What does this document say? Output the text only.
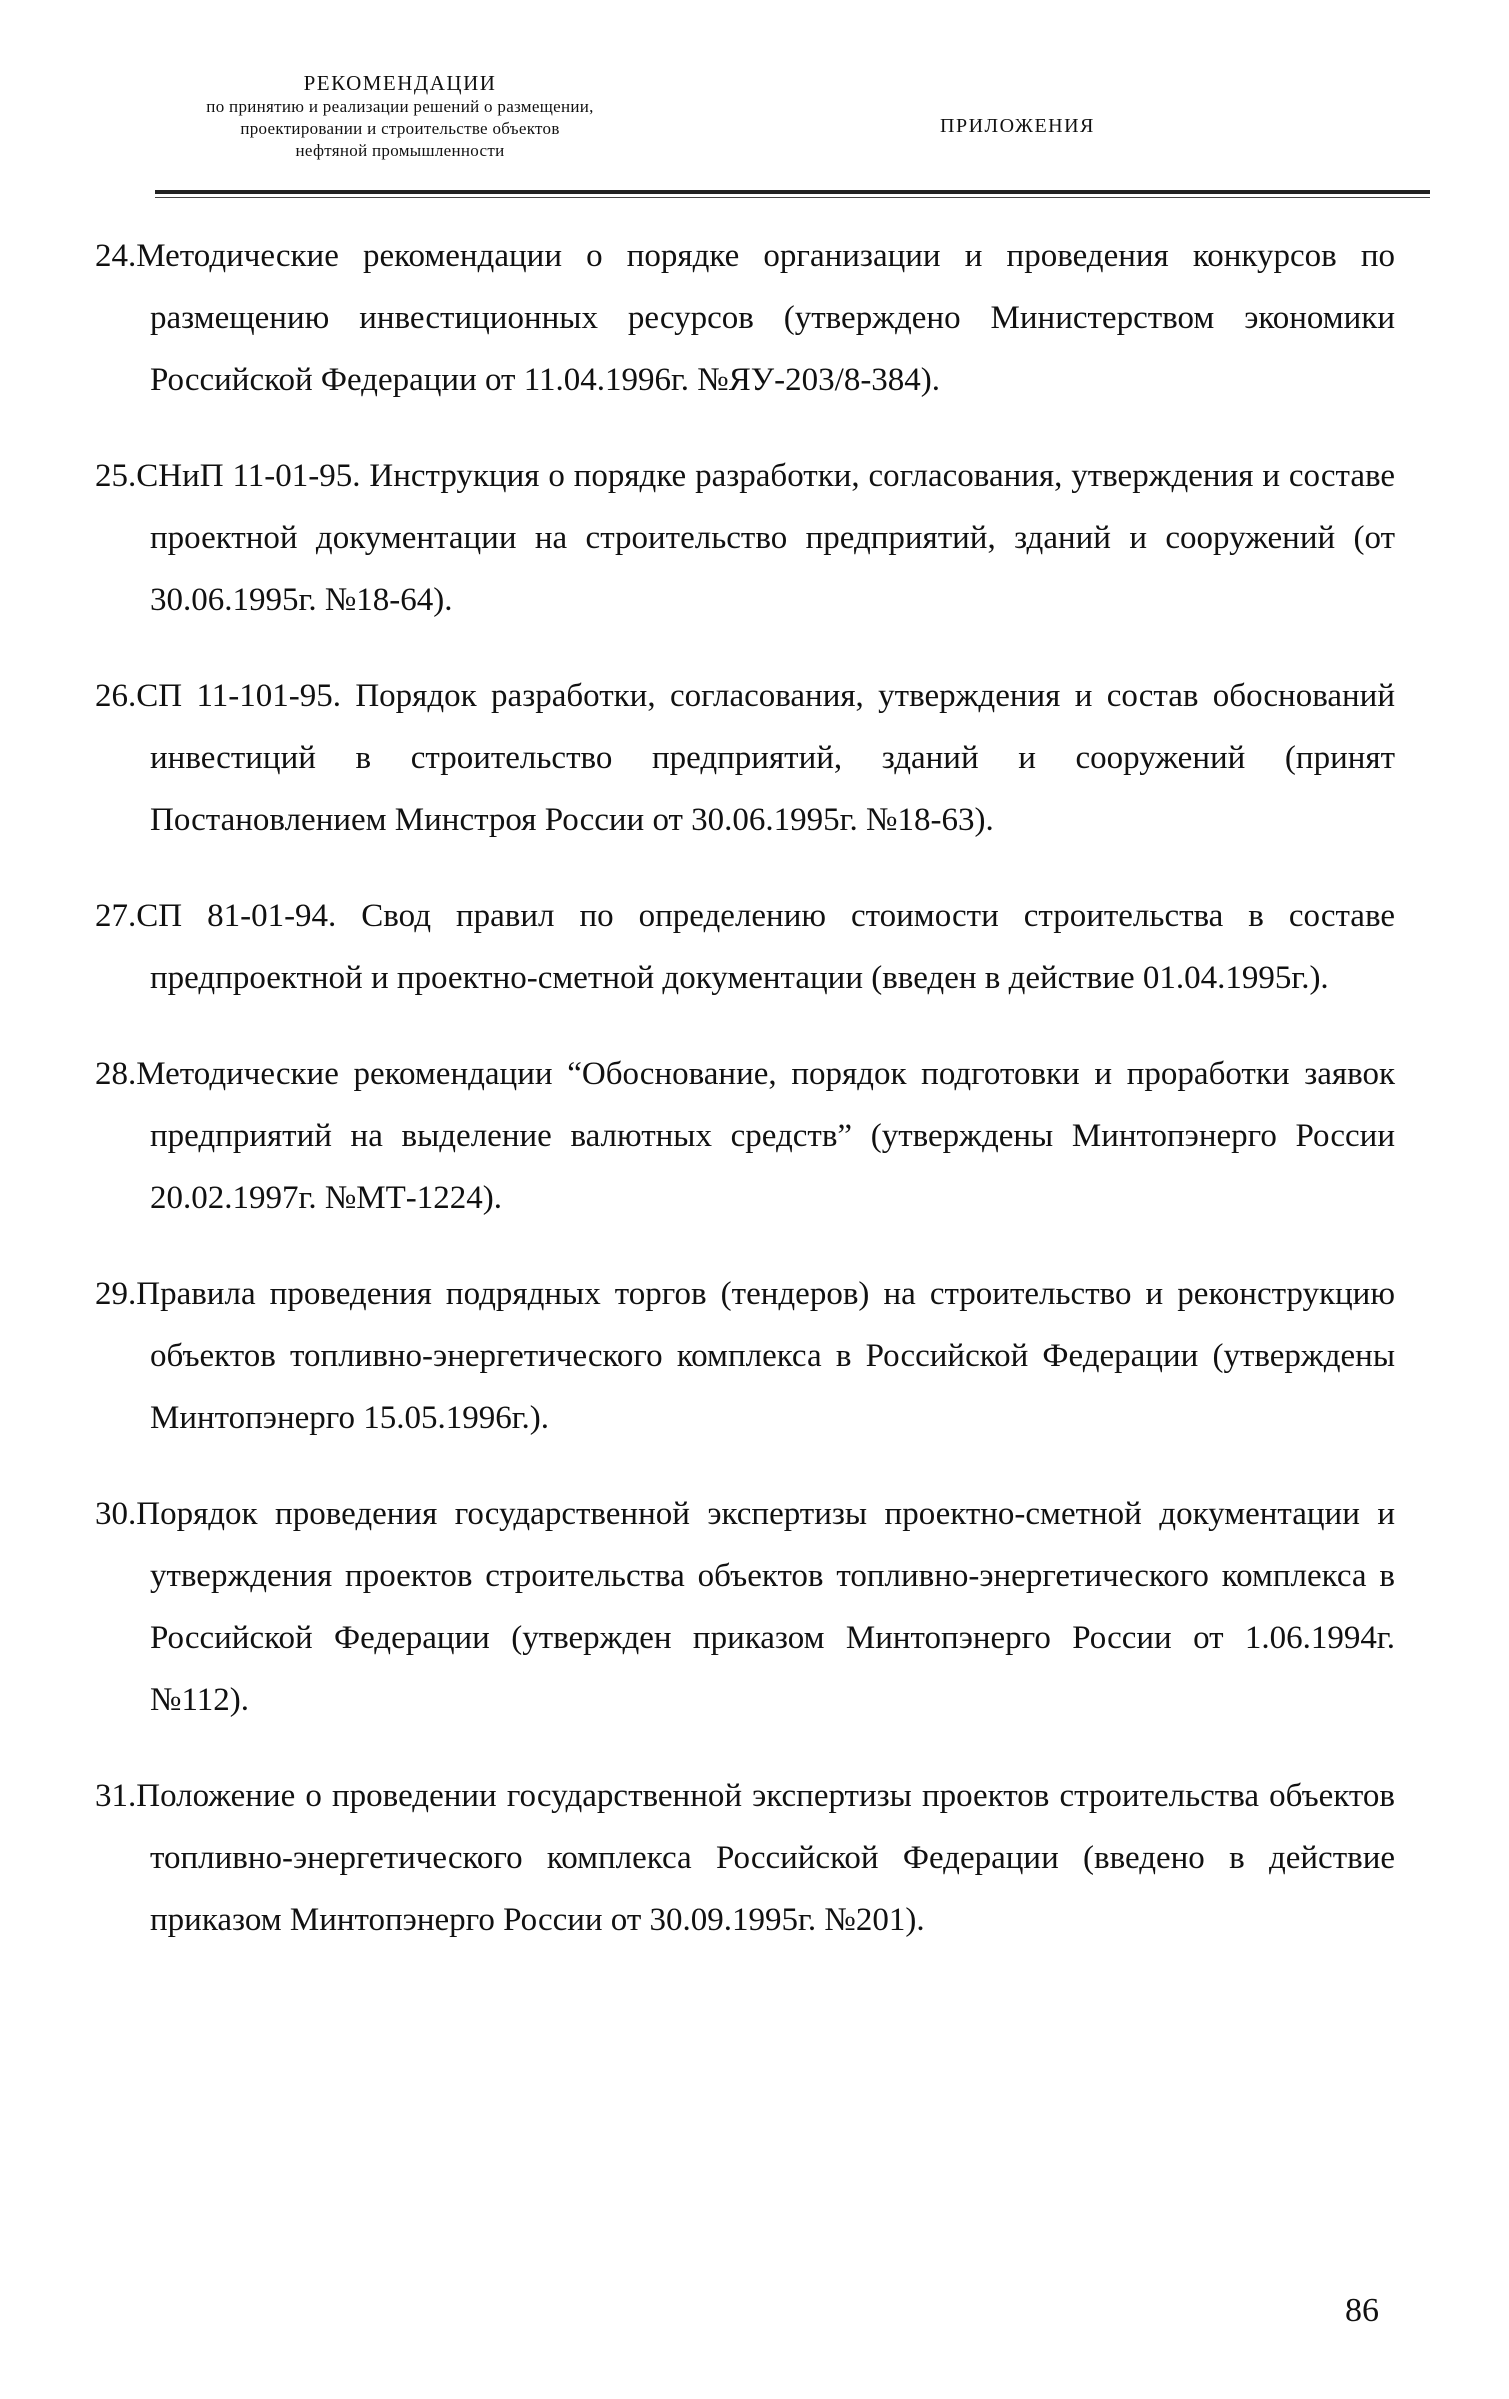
РЕКОМЕНДАЦИИ
по принятию и реализации решений о размещении,
проектировании и строительстве объектов
нефтяной промышленности
ПРИЛОЖЕНИЯ

24.Методические рекомендации о порядке организации и проведения конкурсов по размещению инвестиционных ресурсов (утверждено Министерством экономики Российской Федерации от 11.04.1996г. №ЯУ-203/8-384).

25.СНиП 11-01-95. Инструкция о порядке разработки, согласования, утверждения и составе проектной документации на строительство предприятий, зданий и сооружений (от 30.06.1995г. №18-64).

26.СП 11-101-95. Порядок разработки, согласования, утверждения и состав обоснований инвестиций в строительство предприятий, зданий и сооружений (принят Постановлением Минстроя России от 30.06.1995г. №18-63).

27.СП 81-01-94. Свод правил по определению стоимости строительства в составе предпроектной и проектно-сметной документации (введен в действие 01.04.1995г.).

28.Методические рекомендации “Обоснование, порядок подготовки и проработки заявок предприятий на выделение валютных средств” (утверждены Минтопэнерго России 20.02.1997г. №МТ-1224).

29.Правила проведения подрядных торгов (тендеров) на строительство и реконструкцию объектов топливно-энергетического комплекса в Российской Федерации (утверждены Минтопэнерго 15.05.1996г.).

30.Порядок проведения государственной экспертизы проектно-сметной документации и утверждения проектов строительства объектов топливно-энергетического комплекса в Российской Федерации (утвержден приказом Минтопэнерго России от 1.06.1994г. №112).

31.Положение о проведении государственной экспертизы проектов строительства объектов топливно-энергетического комплекса Российской Федерации (введено в действие приказом Минтопэнерго России от 30.09.1995г. №201).

86
